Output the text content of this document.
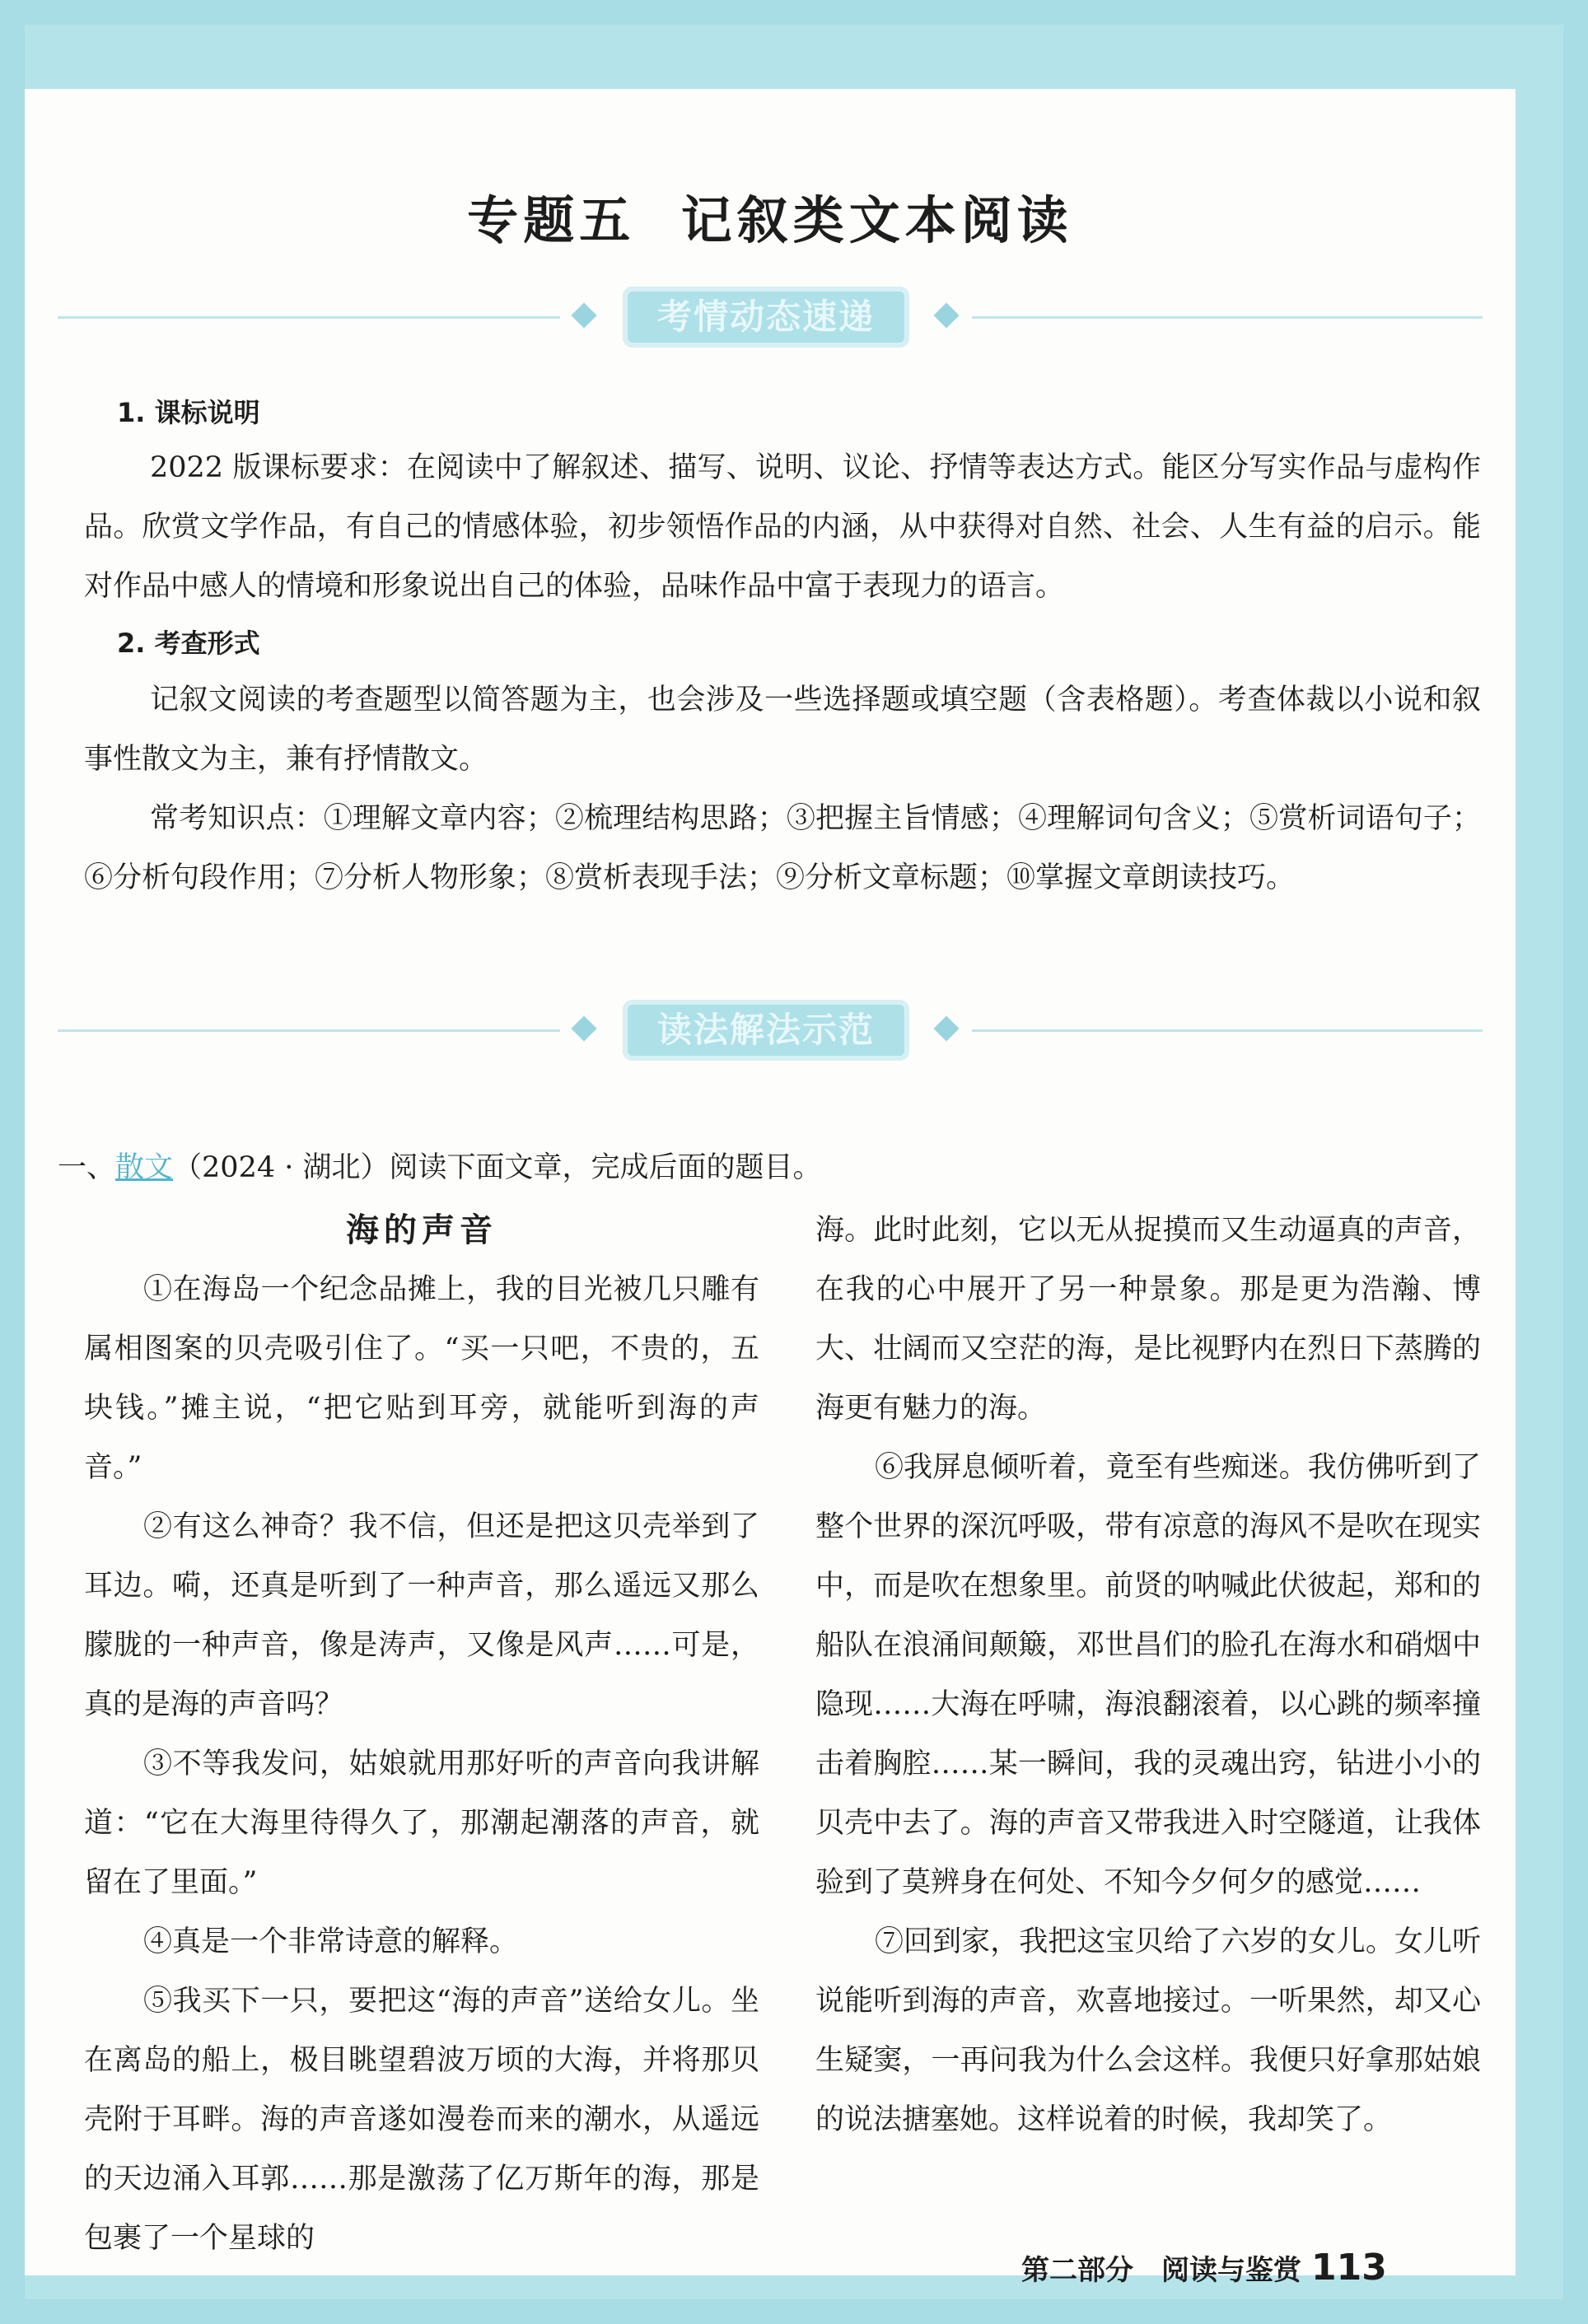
专题五 记叙类文本阅读
考情动态速递

1. 课标说明

2022 版课标要求：在阅读中了解叙述、描写、说明、议论、抒情等表达方式。能区分写实作品与虚构作品。欣赏文学作品，有自己的情感体验，初步领悟作品的内涵，从中获得对自然、社会、人生有益的启示。能对作品中感人的情境和形象说出自己的体验，品味作品中富于表现力的语言。

2. 考查形式

记叙文阅读的考查题型以简答题为主，也会涉及一些选择题或填空题（含表格题）。考查体裁以小说和叙事性散文为主，兼有抒情散文。

常考知识点：①理解文章内容；②梳理结构思路；③把握主旨情感；④理解词句含义；⑤赏析词语句子；⑥分析句段作用；⑦分析人物形象；⑧赏析表现手法；⑨分析文章标题；⑩掌握文章朗读技巧。

读法解法示范

一、散文（2024 · 湖北）阅读下面文章，完成后面的题目。

海的声音

①在海岛一个纪念品摊上，我的目光被几只雕有属相图案的贝壳吸引住了。“买一只吧，不贵的，五块钱。”摊主说，“把它贴到耳旁，就能听到海的声音。”

②有这么神奇？我不信，但还是把这贝壳举到了耳边。嗬，还真是听到了一种声音，那么遥远又那么朦胧的一种声音，像是涛声，又像是风声……可是，真的是海的声音吗？

③不等我发问，姑娘就用那好听的声音向我讲解道：“它在大海里待得久了，那潮起潮落的声音，就留在了里面。”

④真是一个非常诗意的解释。

⑤我买下一只，要把这“海的声音”送给女儿。坐在离岛的船上，极目眺望碧波万顷的大海，并将那贝壳附于耳畔。海的声音遂如漫卷而来的潮水，从遥远的天边涌入耳郭……那是激荡了亿万斯年的海，那是包裹了一个星球的

海。此时此刻，它以无从捉摸而又生动逼真的声音，在我的心中展开了另一种景象。那是更为浩瀚、博大、壮阔而又空茫的海，是比视野内在烈日下蒸腾的海更有魅力的海。

⑥我屏息倾听着，竟至有些痴迷。我仿佛听到了整个世界的深沉呼吸，带有凉意的海风不是吹在现实中，而是吹在想象里。前贤的呐喊此伏彼起，郑和的船队在浪涌间颠簸，邓世昌们的脸孔在海水和硝烟中隐现……大海在呼啸，海浪翻滚着，以心跳的频率撞击着胸腔……某一瞬间，我的灵魂出窍，钻进小小的贝壳中去了。海的声音又带我进入时空隧道，让我体验到了莫辨身在何处、不知今夕何夕的感觉……

⑦回到家，我把这宝贝给了六岁的女儿。女儿听说能听到海的声音，欢喜地接过。一听果然，却又心生疑窦，一再问我为什么会这样。我便只好拿那姑娘的说法搪塞她。这样说着的时候，我却笑了。

第二部分　阅读与鉴赏 113
